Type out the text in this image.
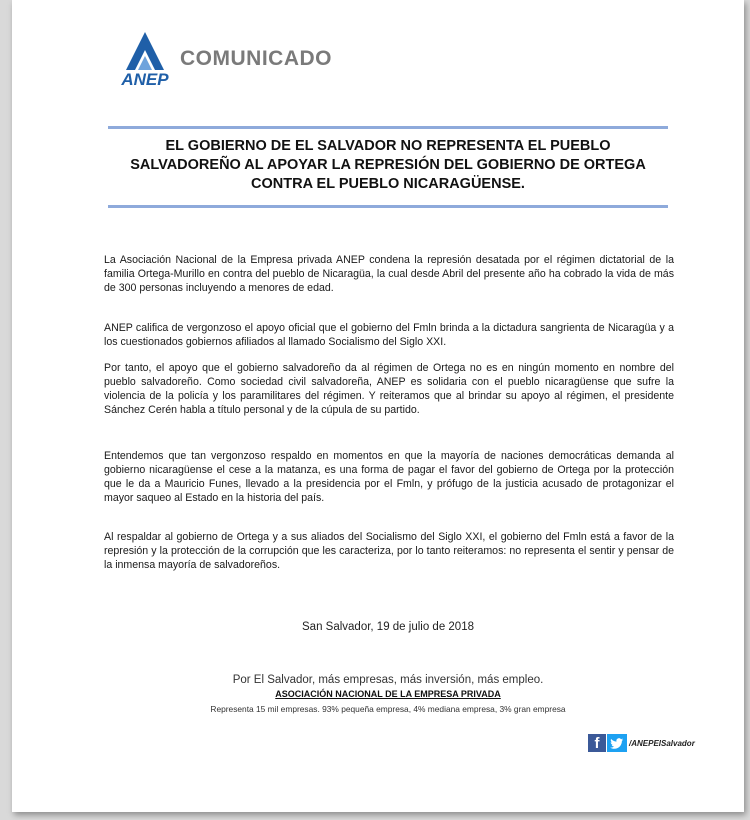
ANEP
COMUNICADO
EL GOBIERNO DE EL SALVADOR NO REPRESENTA EL PUEBLO
SALVADOREÑO AL APOYAR LA REPRESIÓN DEL GOBIERNO DE ORTEGA
CONTRA EL PUEBLO NICARAGÜENSE.

La Asociación Nacional de la Empresa privada ANEP condena la represión desatada por el régimen dictatorial de la familia Ortega-Murillo en contra del pueblo de Nicaragüa, la cual desde Abril del presente año ha cobrado la vida de más de 300 personas incluyendo a menores de edad.

ANEP califica de vergonzoso el apoyo oficial que el gobierno del Fmln brinda a la dictadura sangrienta de Nicaragüa y a los cuestionados gobiernos afiliados al llamado Socialismo del Siglo XXI.

Por tanto, el apoyo que el gobierno salvadoreño da al régimen de Ortega no es en ningún momento en nombre del pueblo salvadoreño. Como sociedad civil salvadoreña, ANEP es solidaria con el pueblo nicaragüense que sufre la violencia de la policía y los paramilitares del régimen. Y reiteramos que al brindar su apoyo al régimen, el presidente Sánchez Cerén habla a título personal y de la cúpula de su partido.

Entendemos que tan vergonzoso respaldo en momentos en que la mayoría de naciones democráticas demanda al gobierno nicaragüense el cese a la matanza, es una forma de pagar el favor del gobierno de Ortega por la protección que le da a Mauricio Funes, llevado a la presidencia por el Fmln, y prófugo de la justicia acusado de protagonizar el mayor saqueo al Estado en la historia del país.

Al respaldar al gobierno de Ortega y a sus aliados del Socialismo del Siglo XXI, el gobierno del Fmln está a favor de la represión y la protección de la corrupción que les caracteriza, por lo tanto reiteramos: no representa el sentir y pensar de la inmensa mayoría de salvadoreños.

San Salvador, 19 de julio de 2018
Por El Salvador, más empresas, más inversión, más empleo.
ASOCIACIÓN NACIONAL DE LA EMPRESA PRIVADA
Representa 15 mil empresas. 93% pequeña empresa, 4% mediana empresa, 3% gran empresa
f	/ANEPElSalvador
